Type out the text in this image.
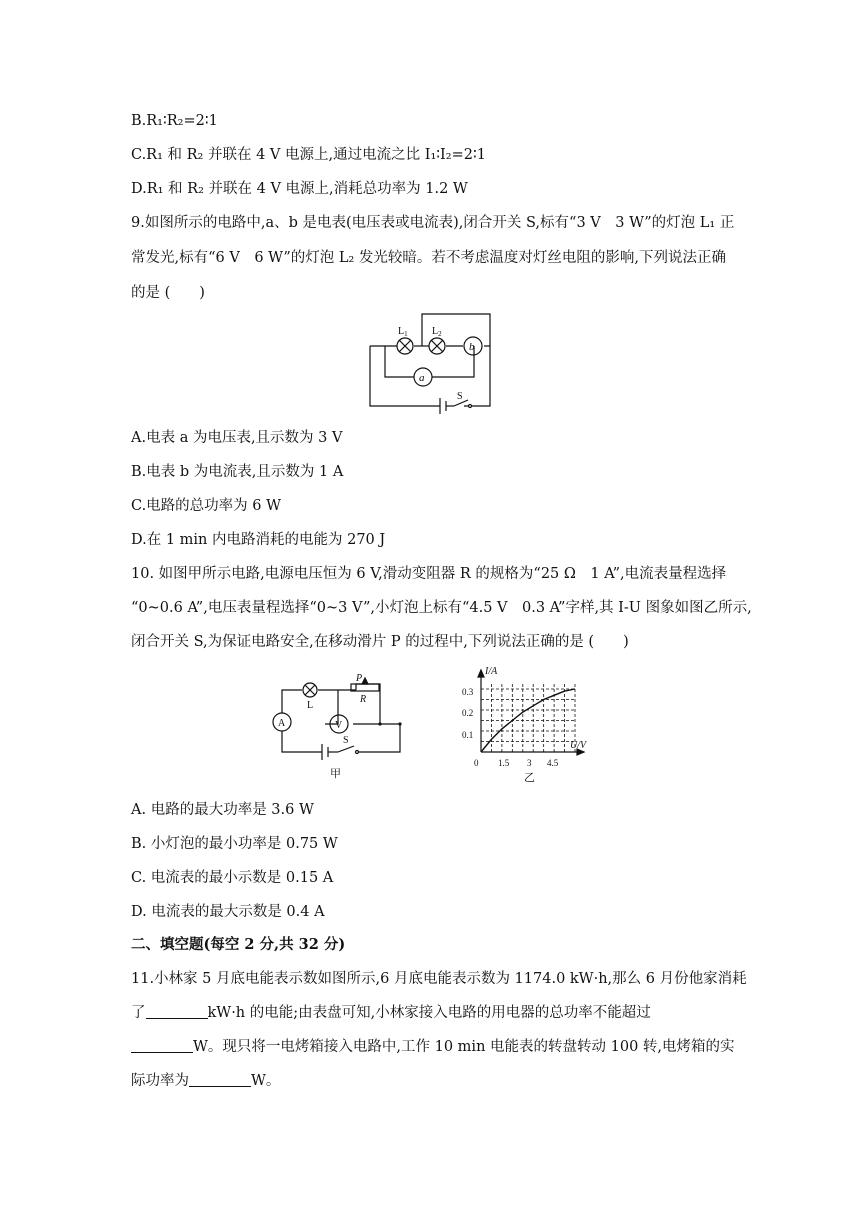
B.R₁∶R₂=2∶1
C.R₁ 和 R₂ 并联在 4 V 电源上,通过电流之比 I₁∶I₂=2∶1
D.R₁ 和 R₂ 并联在 4 V 电源上,消耗总功率为 1.2 W
9.如图所示的电路中,a、b 是电表(电压表或电流表),闭合开关 S,标有“3 V　3 W”的灯泡 L₁ 正
常发光,标有“6 V　6 W”的灯泡 L₂ 发光较暗。若不考虑温度对灯丝电阻的影响,下列说法正确
的是 (　　)
$L_1$ $L_2$
b
a
S
A.电表 a 为电压表,且示数为 3 V
B.电表 b 为电流表,且示数为 1 A
C.电路的总功率为 6 W
D.在 1 min 内电路消耗的电能为 270 J
10. 如图甲所示电路,电源电压恒为 6 V,滑动变阻器 R 的规格为“25 Ω　1 A”,电流表量程选择
“0~0.6 A”,电压表量程选择“0~3 V”,小灯泡上标有“4.5 V　0.3 A”字样,其 I-U 图象如图乙所示,
闭合开关 S,为保证电路安全,在移动滑片 P 的过程中,下列说法正确的是 (　　)
P
R
L
A	V
S
甲
I/A
U/V
0.3
0.2
0.1
0 1.5 3 4.5
乙
A. 电路的最大功率是 3.6 W
B. 小灯泡的最小功率是 0.75 W
C. 电流表的最小示数是 0.15 A
D. 电流表的最大示数是 0.4 A
二、填空题(每空 2 分,共 32 分)
11.小林家 5 月底电能表示数如图所示,6 月底电能表示数为 1174.0 kW·h,那么 6 月份他家消耗
了	kW·h 的电能;由表盘可知,小林家接入电路的用电器的总功率不能超过
W。现只将一电烤箱接入电路中,工作 10 min 电能表的转盘转动 100 转,电烤箱的实
际功率为	W。
